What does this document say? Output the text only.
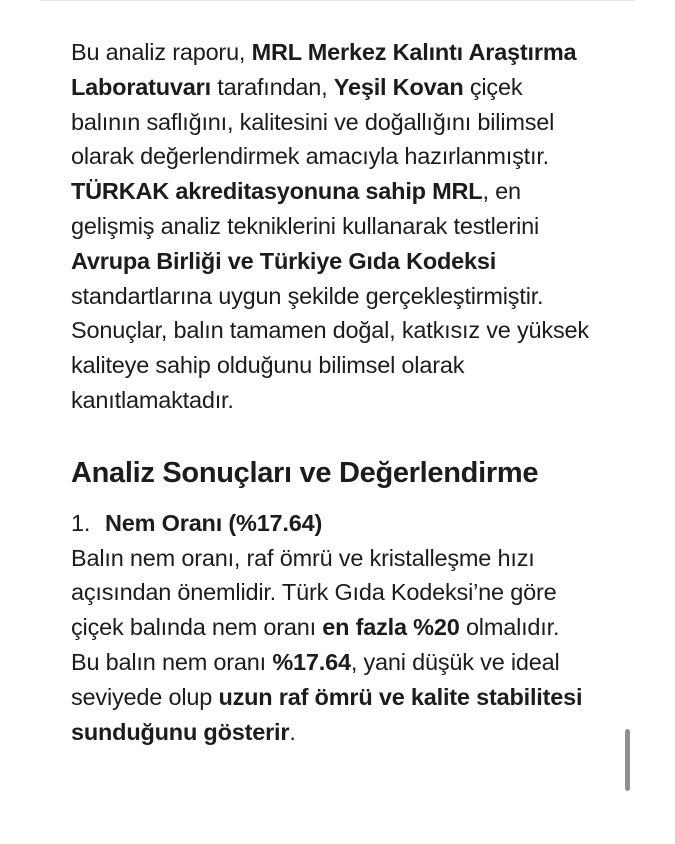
Bu analiz raporu, MRL Merkez Kalıntı Araştırma Laboratuvarı tarafından, Yeşil Kovan çiçek balının saflığını, kalitesini ve doğallığını bilimsel olarak değerlendirmek amacıyla hazırlanmıştır. TÜRKAK akreditasyonuna sahip MRL, en gelişmiş analiz tekniklerini kullanarak testlerini Avrupa Birliği ve Türkiye Gıda Kodeksi standartlarına uygun şekilde gerçekleştirmiştir. Sonuçlar, balın tamamen doğal, katkısız ve yüksek kaliteye sahip olduğunu bilimsel olarak kanıtlamaktadır.

Analiz Sonuçları ve Değerlendirme
1. Nem Oranı (%17.64)

Balın nem oranı, raf ömrü ve kristalleşme hızı açısından önemlidir. Türk Gıda Kodeksi’ne göre çiçek balında nem oranı en fazla %20 olmalıdır. Bu balın nem oranı %17.64, yani düşük ve ideal seviyede olup uzun raf ömrü ve kalite stabilitesi sunduğunu gösterir.
